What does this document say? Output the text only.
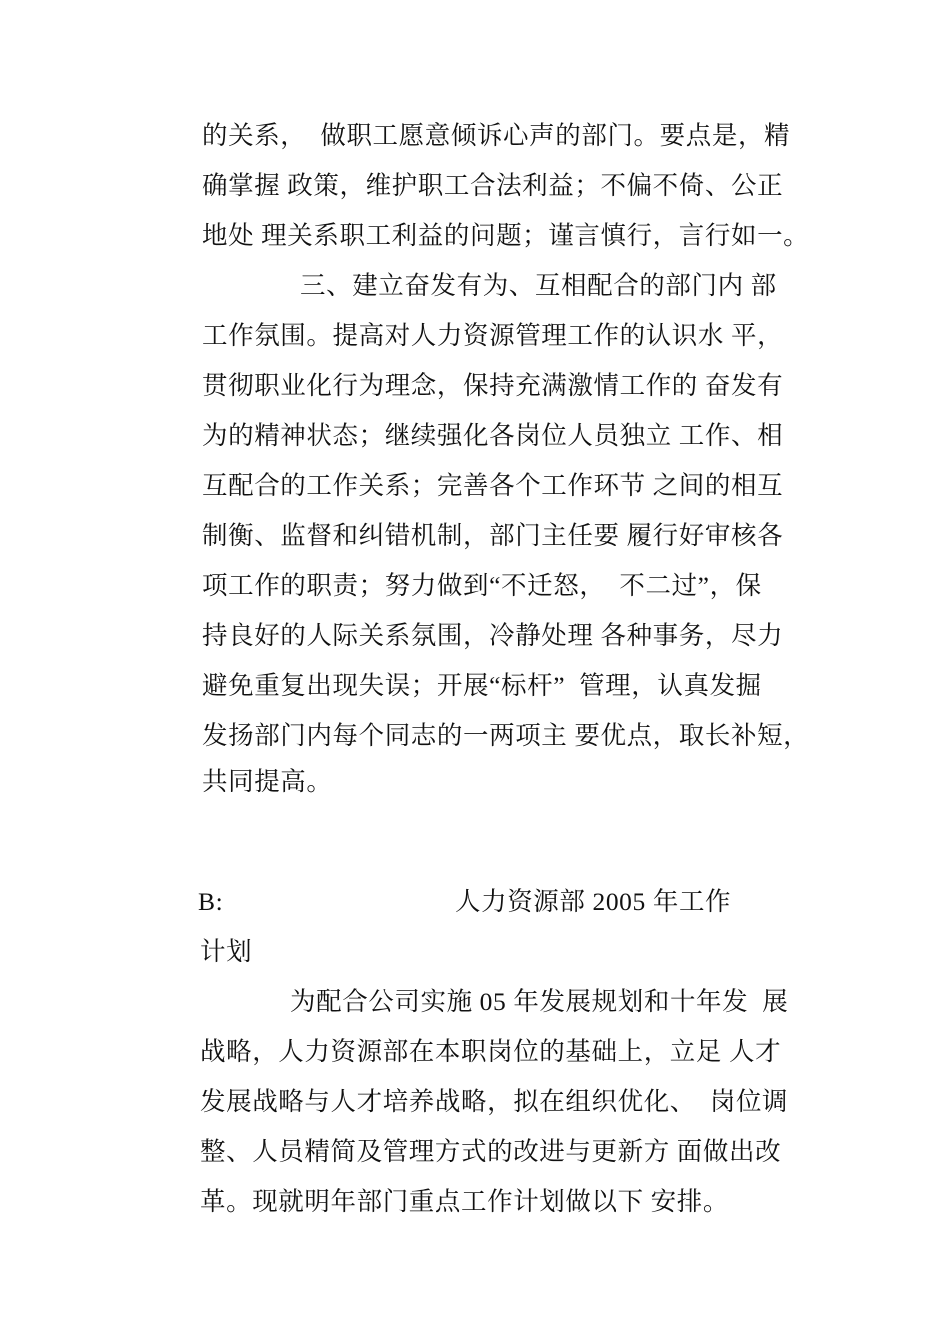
的关系，  做职工愿意倾诉心声的部门。要点是，精
确掌握 政策，维护职工合法利益；不偏不倚、公正
地处 理关系职工利益的问题；谨言慎行，言行如一。
三、建立奋发有为、互相配合的部门内 部
工作氛围。提高对人力资源管理工作的认识水 平，
贯彻职业化行为理念，保持充满激情工作的 奋发有
为的精神状态；继续强化各岗位人员独立 工作、相
互配合的工作关系；完善各个工作环节 之间的相互
制衡、监督和纠错机制，部门主任要 履行好审核各
项工作的职责；努力做到“不迁怒，  不二过”，保
持良好的人际关系氛围，冷静处理 各种事务，尽力
避免重复出现失误；开展“标杆”  管理，认真发掘
发扬部门内每个同志的一两项主 要优点，取长补短，
共同提高。
B:	人力资源部 2005 年工作
计划
为配合公司实施 05 年发展规划和十年发  展
战略，人力资源部在本职岗位的基础上，立足 人才
发展战略与人才培养战略，拟在组织优化、  岗位调
整、人员精简及管理方式的改进与更新方 面做出改
革。现就明年部门重点工作计划做以下 安排。
